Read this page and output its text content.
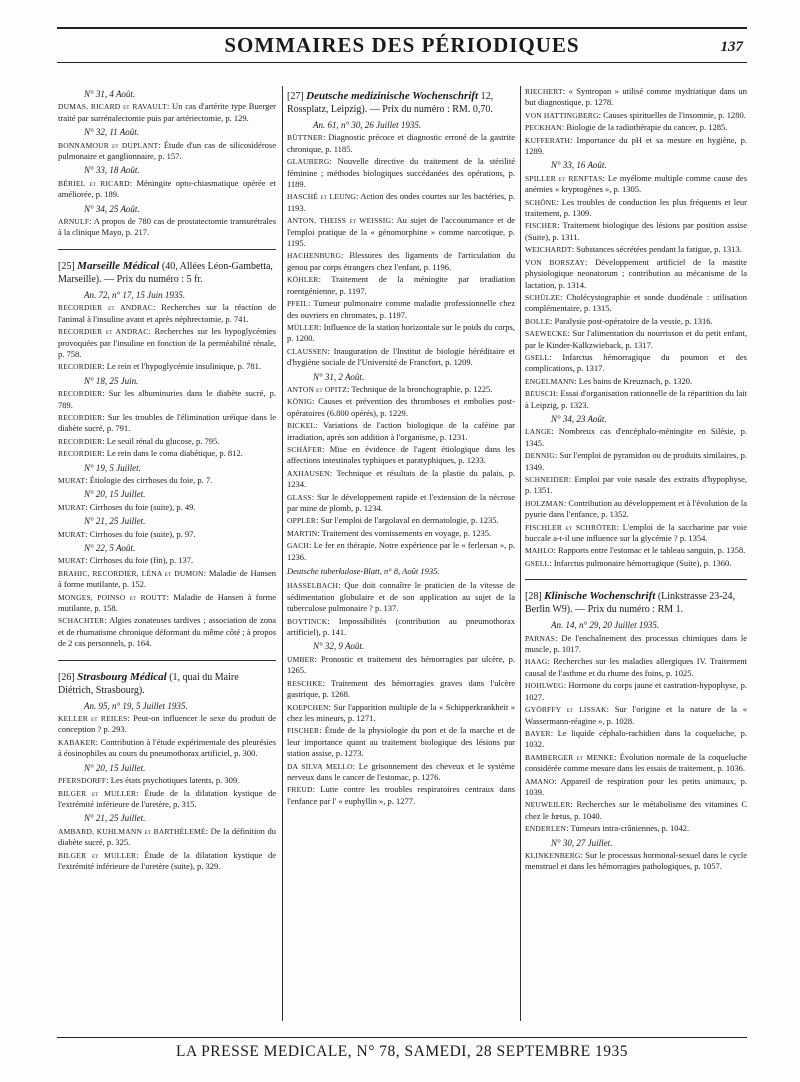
SOMMAIRES DES PÉRIODIQUES	137
N° 31, 4 Août.
DUMAS, RICARD et RAVAULT: Un cas d'artérite type Buerger traité par surrénalectomie puis par artériectomie, p. 129.
N° 32, 11 Août.
BONNAMOUR et DUPLANT: Étude d'un cas de silicosidérose pulmonaire et ganglionnaire, p. 157.
N° 33, 18 Août.
BÉRIEL et RICARD: Méningite opto-chiasmatique opérée et améliorée, p. 189.
N° 34, 25 Août.
ARNULF: A propos de 780 cas de prostatectomie transurétrales à la clinique Mayo, p. 217.
[25] Marseille Médical (40, Allées Léon-Gambetta, Marseille). — Prix du numéro : 5 fr.
An. 72, n° 17, 15 Juin 1935.
RECORDIER et ANDRAC: Recherches sur la réaction de l'animal à l'insuline avant et après néphrectomie, p. 741.
RECORDIER et ANDRAC: Recherches sur les hypoglycémies provoquées par l'insuline en fonction de la perméabilité rénale, p. 758.
RECORDIER: Le rein et l'hypoglycémie insulinique, p. 781.
N° 18, 25 Juin.
RECORDIER: Sur les albuminuries dans le diabète sucré, p. 789.
RECORDIER: Sur les troubles de l'élimination uréique dans le diabète sucré, p. 791.
RECORDIER: Le seuil rénal du glucose, p. 795.
RECORDIER: Le rein dans le coma diabétique, p. 812.
N° 19, 5 Juillet.
MURAT: Étiologie des cirrhoses du foie, p. 7.
N° 20, 15 Juillet.
MURAT: Cirrhoses du foie (suite), p. 49.
N° 21, 25 Juillet.
MURAT: Cirrhoses du foie (suite), p. 97.
N° 22, 5 Août.
MURAT: Cirrhoses du foie (fin), p. 137.
BRAHIC, RECORDIER, LÉNA et DUMON: Maladie de Hansen à forme mutilante, p. 152.
MONGES, POINSO et ROUTT: Maladie de Hansen à forme mutilante, p. 158.
SCHACHTER: Algies zonateuses tardives ; association de zona et de rhumatisme chronique déformant du même côté ; à propos de 2 cas personnels, p. 164.
[26] Strasbourg Médical (1, quai du Maire Diétrich, Strasbourg).
An. 95, n° 19, 5 Juillet 1935.
KELLER et REILES: Peut-on influencer le sexe du produit de conception ? p. 293.
KABAKER: Contribution à l'étude expérimentale des pleurésies à éosinophiles au cours du pneumothorax artificiel, p. 300.
N° 20, 15 Juillet.
PFERSDORFF: Les états psychotiques latents, p. 309.
BILGER et MULLER: Étude de la dilatation kystique de l'extrémité inférieure de l'uretère, p. 315.
N° 21, 25 Juillet.
AMBARD, KUHLMANN et BARTHÉLEMÉ: De la définition du diabète sucré, p. 325.
BILGER et MULLER: Étude de la dilatation kystique de l'extrémité inférieure de l'uretère (suite), p. 329.
[27] Deutsche medizinische Wochenschrift 12, Rossplatz, Leipzig). — Prix du numéro : RM. 0,70.
An. 61, n° 30, 26 Juillet 1935.
BÜTTNER: Diagnostic précoce et diagnostic erroné de la gastrite chronique, p. 1185.
GLAUBERG: Nouvelle directive du traitement de la stérilité féminine ; méthodes biologiques succédanées des opérations, p. 1189.
HASCHÉ et LEUNG: Action des ondes courtes sur les bactéries, p. 1193.
ANTON, THEISS et WEISSIG: Au sujet de l'accoutumance et de l'emploi pratique de la « génomorphine » comme narcotique, p. 1195.
HACHENBURG: Blessures des ligaments de l'articulation du genou par corps étrangers chez l'enfant, p. 1196.
KÖHLER: Traitement de la méningite par irradiation roentgénienne, p. 1197.
PFEIL: Tumeur pulmonaire comme maladie professionnelle chez des ouvriers en chromates, p. 1197.
MÜLLER: Influence de la station horizontale sur le poids du corps, p. 1200.
CLAUSSEN: Inauguration de l'Institut de biologie héréditaire et d'hygiène sociale de l'Université de Francfort, p. 1209.
N° 31, 2 Août.
ANTON et OPITZ: Technique de la bronchographie, p. 1225.
KÖNIG: Causes et prévention des thromboses et embolies post-opératoires (6.800 opérés), p. 1229.
BICKEL: Variations de l'action biologique de la caféine par irradiation, après son addition à l'organisme, p. 1231.
SCHÄFER: Mise en évidence de l'agent étiologique dans les affections intestinales typhiques et paratyphiques, p. 1233.
AXHAUSEN: Technique et résultats de la plastie du palais, p. 1234.
GLASS: Sur le développement rapide et l'extension de la nécrose par mine de plomb, p. 1234.
OPPLER: Sur l'emploi de l'argolaval en dermatologie, p. 1235.
MARTIN: Traitement des vomissements en voyage, p. 1235.
GACH: Le fer en thérapie. Notre expérience par le « ferlersan », p. 1236.
Deutsche tuberkulose-Blatt, n° 8, Août 1935.
HASSELBACH: Que doit connaître le praticien de la vitesse de sédimentation globulaire et de son application au sujet de la tuberculose pulmonaire ? p. 137.
BOYTINCK: Impossibilités (contribution au pneumothorax artificiel), p. 141.
N° 32, 9 Août.
UMBER: Pronostic et traitement des hémorragies par ulcère, p. 1265.
RESCHKE: Traitement des hémorragies graves dans l'ulcère gastrique, p. 1268.
KOEPCHEN: Sur l'apparition multiple de la « Schipperkrankheit » chez les mineurs, p. 1271.
FISCHER: Étude de la physiologie du port et de la marche et de leur importance quant au traitement biologique des lésions par station assise, p. 1273.
DA SILVA MELLO: Le grisonnement des cheveux et le système nerveux dans le cancer de l'estomac, p. 1276.
FREUD: Lutte contre les troubles respiratoires centraux dans l'enfance par l' « euphyllin », p. 1277.
RIECHERT: « Syntropan » utilisé comme mydriatique dans un but diagnostique, p. 1278.
VON HATTINGBERG: Causes spirituelles de l'insomnie, p. 1280.
PECKHAN: Biologie de la radiothérapie du cancer, p. 1285.
KUFFERATH: Importance du pH et sa mesure en hygiène, p. 1289.
N° 33, 16 Août.
SPILLER et RENFTAS: Le myélome multiple comme cause des anémies « kryptogènes », p. 1305.
SCHÖNE: Les troubles de conduction les plus fréquents et leur traitement, p. 1309.
FISCHER: Traitement biologique des lésions par position assise (Suite), p. 1311.
WEICHARDT: Substances sécrétées pendant la fatigue, p. 1313.
VON BORSZAY: Développement artificiel de la mastite physiologique neonatorum ; contribution au mécanisme de la lactation, p. 1314.
SCHÜLZE: Cholécystographie et sonde duodénale : utilisation complémentaire, p. 1315.
BOLLE: Paralysie post-opératoire de la vessie, p. 1316.
SAEWECKE: Sur l'alimentation du nourrisson et du petit enfant, par le Kinder-Kalkzwieback, p. 1317.
GSELL: Infarctus hémorragique du poumon et des complications, p. 1317.
ENGELMANN: Les bains de Kreuznach, p. 1320.
BEUSCH: Essai d'organisation rationnelle de la répartition du lait à Leipzig, p. 1323.
N° 34, 23 Août.
LANGE: Nombreux cas d'encéphalo-méningite en Silésie, p. 1345.
DENNIG: Sur l'emploi de pyramidon ou de produits similaires, p. 1349.
SCHNEIDER: Emploi par voie nasale des extraits d'hypophyse, p. 1351.
HOLZMAN: Contribution au développement et à l'évolution de la pyurie dans l'enfance, p. 1352.
FISCHLER et SCHRÖTER: L'emploi de la saccharine par voie buccale a-t-il une influence sur la glycémie ? p. 1354.
MAHLO: Rapports entre l'estomac et le tableau sanguin, p. 1358.
GSELL: Infarctus pulmonaire hémorragique (Suite), p. 1360.
[28] Klinische Wochenschrift (Linkstrasse 23-24, Berlin W9). — Prix du numéro : RM 1.
An. 14, n° 29, 20 Juillet 1935.
PARNAS: De l'enchaînement des processus chimiques dans le muscle, p. 1017.
HAAG: Recherches sur les maladies allergiques IV. Traitement causal de l'asthme et du rhume des foins, p. 1025.
HOHLWEG: Hormone du corps jaune et castration-hypophyse, p. 1027.
GYÖRFFY et LISSAK: Sur l'origine et la nature de la « Wassermann-réagine », p. 1028.
BAYER: Le liquide céphalo-rachidien dans la coqueluche, p. 1032.
BAMBERGER et MENKE: Évolution normale de la coqueluche considérée comme mesure dans les essais de traitement, p. 1036.
AMANO: Appareil de respiration pour les petits animaux, p. 1039.
NEUWEILER: Recherches sur le métabolisme des vitamines C chez le fœtus, p. 1040.
ENDERLEN: Tumeurs intra-crâniennes, p. 1042.
N° 30, 27 Juillet.
KLINKENBERG: Sur le processus hormonal-sexuel dans le cycle menstruel et dans les hémorragies pathologiques, p. 1057.
LA PRESSE MEDICALE, N° 78, SAMEDI, 28 SEPTEMBRE 1935
